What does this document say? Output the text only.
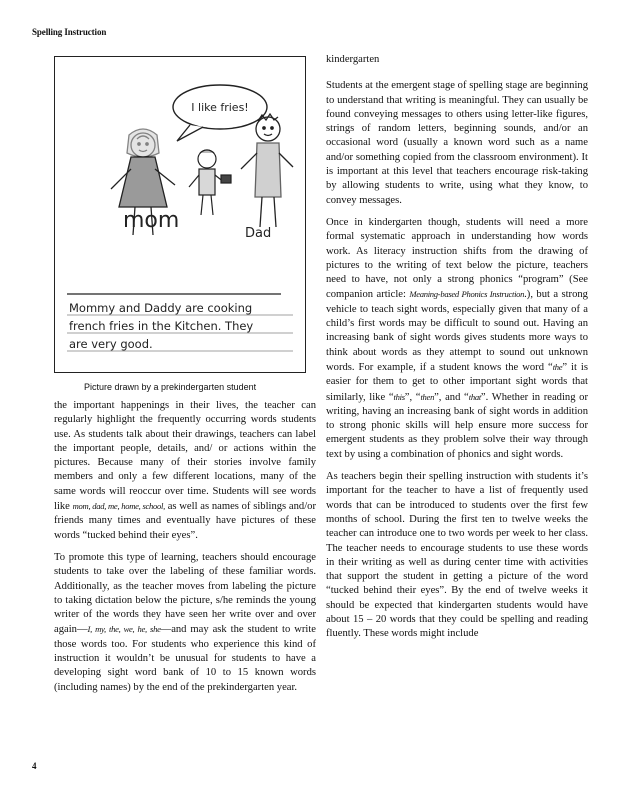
Spelling Instruction
I like fries!
mom
Dad
Mommy and Daddy are cooking
french fries in the Kitchen. They
are very good.
Picture drawn by a prekindergarten student

the important happenings in their lives, the teacher can regularly highlight the frequently occurring words students use. As students talk about their drawings, teachers can label the important people, details, and/ or actions within the pictures. Because many of their stories involve family members and only a few different locations, many of the same words will reoccur over time. Students will see words like mom, dad, me, home, school, as well as names of siblings and/or friends many times and eventually have pictures of these words “tucked behind their eyes”.

To promote this type of learning, teachers should encourage students to take over the labeling of these familiar words. Additionally, as the teacher moves from labeling the picture to taking dictation below the picture, s/he reminds the young writer of the words they have seen her write over and over again—I, my, the, we, he, she—and may ask the student to write those words too. For students who experience this kind of instruction it wouldn’t be unusual for students to have a developing sight word bank of 10 to 15 known words (including names) by the end of the prekindergarten year.

kindergarten

Students at the emergent stage of spelling stage are beginning to understand that writing is meaningful. They can usually be found conveying messages to others using letter-like figures, strings of random letters, beginning sounds, and/or an occasional word (usually a known word such as a name and/or something copied from the classroom environment). It is important at this level that teachers encourage risk-taking by allowing students to write, using what they know, to convey messages.

Once in kindergarten though, students will need a more formal systematic approach in understanding how words work. As literacy instruction shifts from the drawing of pictures to the writing of text below the picture, teachers need to have, not only a strong phonics “program” (See companion article: Meaning-based Phonics Instruction.), but a strong vehicle to teach sight words, especially given that many of a child’s first words may be difficult to sound out. Having an increasing bank of sight words gives students more ways to think about words as they attempt to sound out unknown words. For example, if a student knows the word “the” it is easier for them to get to other important sight words that similarly, like “this”, “then”, and “that”. Whether in reading or writing, having an increasing bank of sight words in addition to strong phonic skills will help ensure more success for emergent students as they problem solve their way through text by using a combination of phonics and sight words.

As teachers begin their spelling instruction with students it’s important for the teacher to have a list of frequently used words that can be introduced to students over the first few months of school. During the first ten to twelve weeks the teacher can introduce one to two words per week to her class. The teacher needs to encourage students to use these words in their writing as well as during center time with activities that support the student in getting a picture of the word “tucked behind their eyes”. By the end of twelve weeks it should be expected that kindergarten students would have about 15 – 20 words that they could be spelling and reading fluently. These words might include

4
